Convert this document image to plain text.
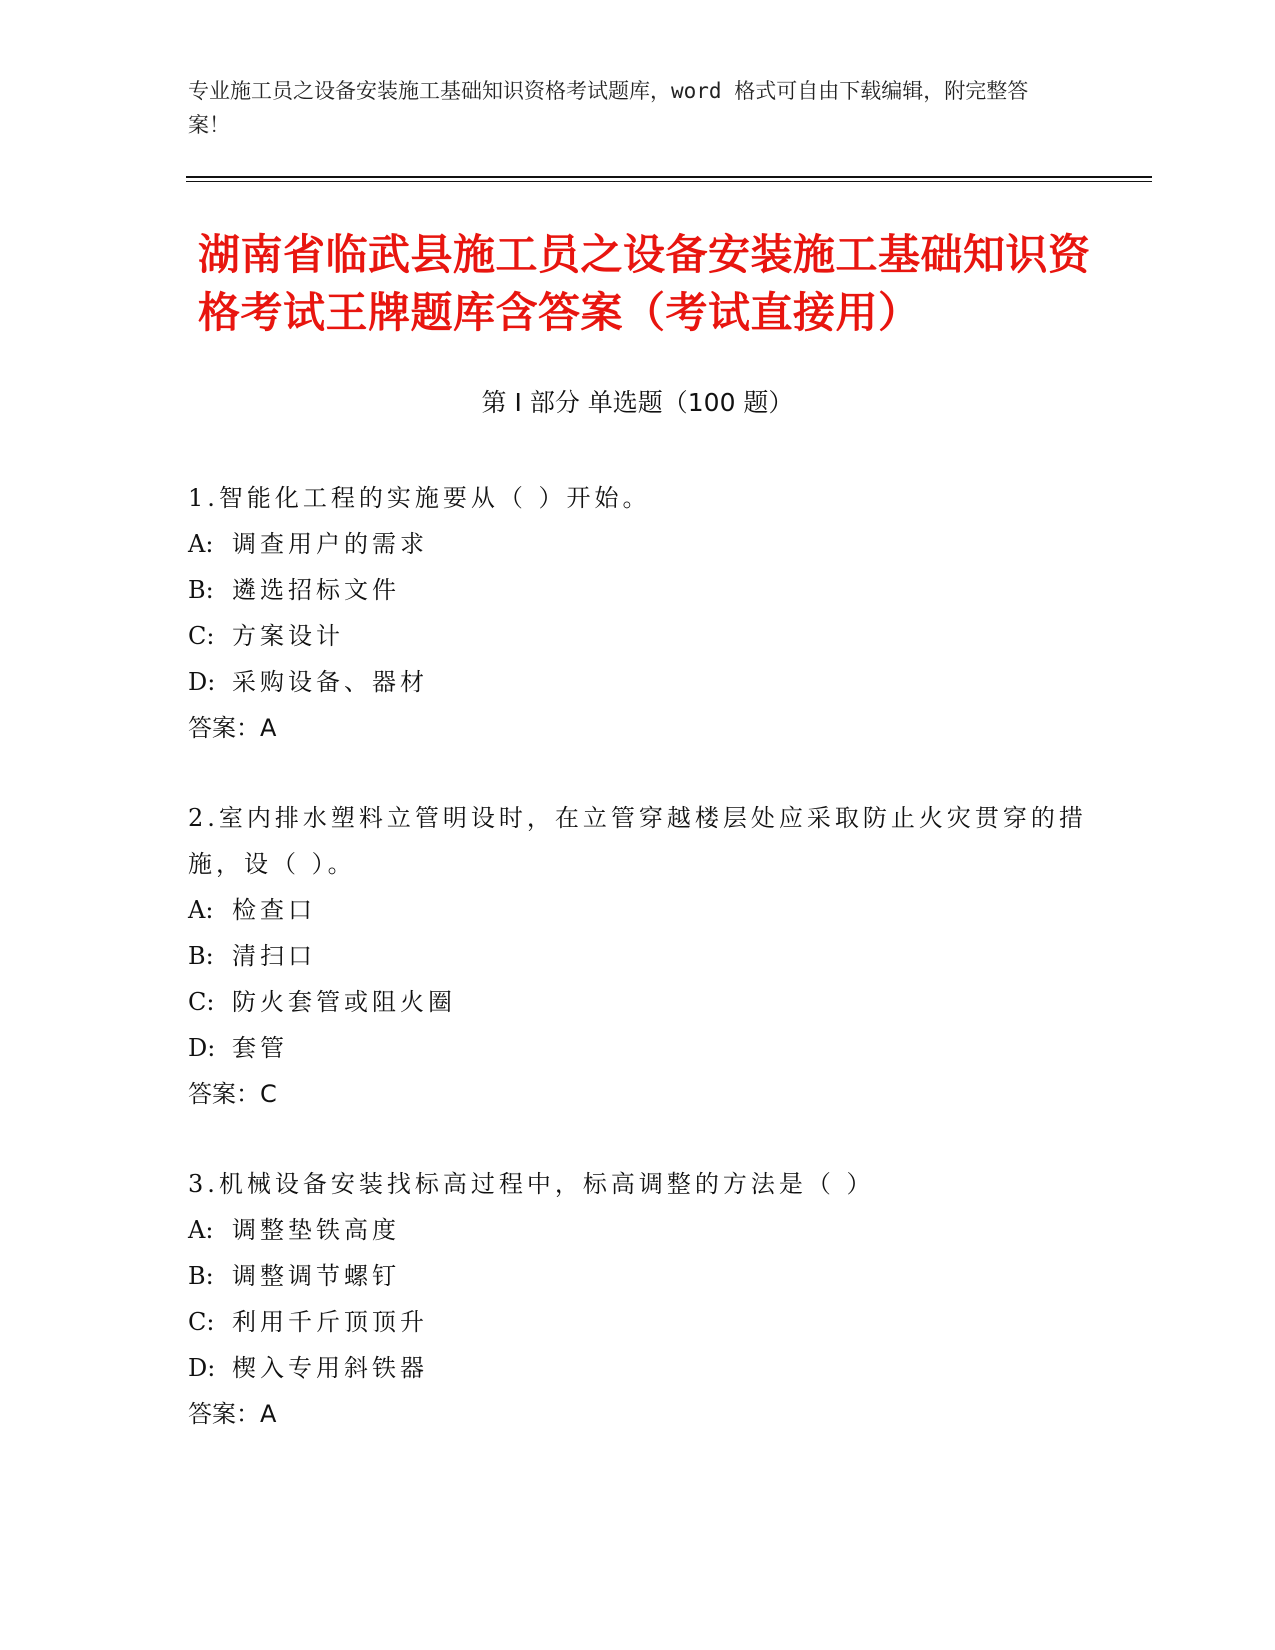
专业施工员之设备安装施工基础知识资格考试题库，word 格式可自由下载编辑，附完整答案！
湖南省临武县施工员之设备安装施工基础知识资格考试王牌题库含答案（考试直接用）
第 I 部分 单选题（100 题）
1.智能化工程的实施要从（ ）开始。
A: 调查用户的需求
B: 遴选招标文件
C: 方案设计
D: 采购设备、器材
答案：A
2.室内排水塑料立管明设时，在立管穿越楼层处应采取防止火灾贯穿的措施，设（ ）。
A: 检查口
B: 清扫口
C: 防火套管或阻火圈
D: 套管
答案：C
3.机械设备安装找标高过程中，标高调整的方法是（ ）
A: 调整垫铁高度
B: 调整调节螺钉
C: 利用千斤顶顶升
D: 楔入专用斜铁器
答案：A
